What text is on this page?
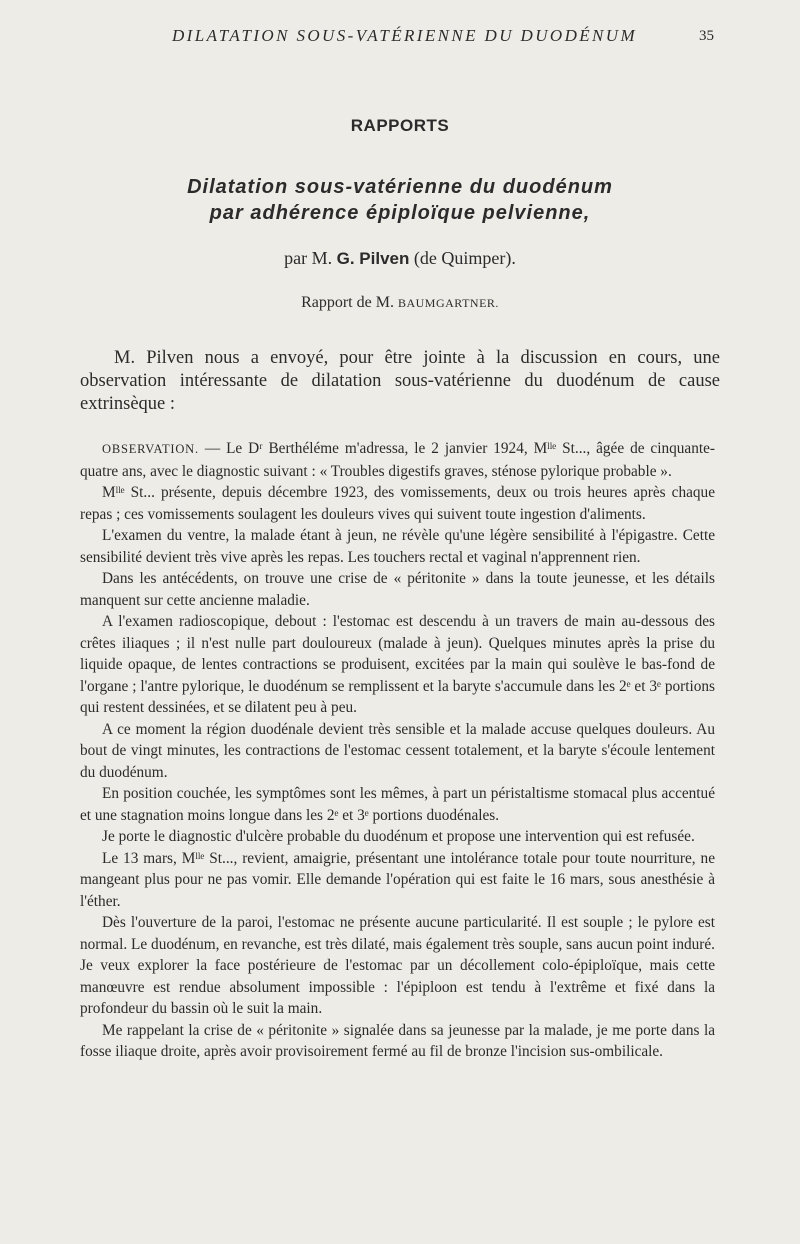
DILATATION SOUS-VATÉRIENNE DU DUODÉNUM	35
RAPPORTS
Dilatation sous-vatérienne du duodénum
par adhérence épiploïque pelvienne,
par M. G. Pilven (de Quimper).
Rapport de M. BAUMGARTNER.

M. Pilven nous a envoyé, pour être jointe à la discussion en cours, une observation intéressante de dilatation sous-vatérienne du duodénum de cause extrinsèque :

OBSERVATION. — Le Dʳ Berthéléme m'adressa, le 2 janvier 1924, Mˡˡᵉ St..., âgée de cinquante-quatre ans, avec le diagnostic suivant : « Troubles digestifs graves, sténose pylorique probable ».

Mˡˡᵉ St... présente, depuis décembre 1923, des vomissements, deux ou trois heures après chaque repas ; ces vomissements soulagent les douleurs vives qui suivent toute ingestion d'aliments.

L'examen du ventre, la malade étant à jeun, ne révèle qu'une légère sensibilité à l'épigastre. Cette sensibilité devient très vive après les repas. Les touchers rectal et vaginal n'apprennent rien.

Dans les antécédents, on trouve une crise de « péritonite » dans la toute jeunesse, et les détails manquent sur cette ancienne maladie.

A l'examen radioscopique, debout : l'estomac est descendu à un travers de main au-dessous des crêtes iliaques ; il n'est nulle part douloureux (malade à jeun). Quelques minutes après la prise du liquide opaque, de lentes contractions se produisent, excitées par la main qui soulève le bas-fond de l'organe ; l'antre pylorique, le duodénum se remplissent et la baryte s'accumule dans les 2ᵉ et 3ᵉ portions qui restent dessinées, et se dilatent peu à peu.

A ce moment la région duodénale devient très sensible et la malade accuse quelques douleurs. Au bout de vingt minutes, les contractions de l'estomac cessent totalement, et la baryte s'écoule lentement du duodénum.

En position couchée, les symptômes sont les mêmes, à part un péristaltisme stomacal plus accentué et une stagnation moins longue dans les 2ᵉ et 3ᵉ portions duodénales.

Je porte le diagnostic d'ulcère probable du duodénum et propose une intervention qui est refusée.

Le 13 mars, Mˡˡᵉ St..., revient, amaigrie, présentant une intolérance totale pour toute nourriture, ne mangeant plus pour ne pas vomir. Elle demande l'opération qui est faite le 16 mars, sous anesthésie à l'éther.

Dès l'ouverture de la paroi, l'estomac ne présente aucune particularité. Il est souple ; le pylore est normal. Le duodénum, en revanche, est très dilaté, mais également très souple, sans aucun point induré. Je veux explorer la face postérieure de l'estomac par un décollement colo-épiploïque, mais cette manœuvre est rendue absolument impossible : l'épiploon est tendu à l'extrême et fixé dans la profondeur du bassin où le suit la main.

Me rappelant la crise de « péritonite » signalée dans sa jeunesse par la malade, je me porte dans la fosse iliaque droite, après avoir provisoirement fermé au fil de bronze l'incision sus-ombilicale.
